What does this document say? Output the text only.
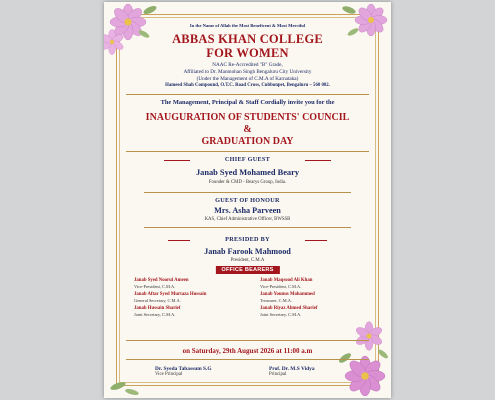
In the Name of Allah the Most Beneficent & Most Merciful
ABBAS KHAN COLLEGE
FOR WOMEN
NAAC Re-Accredited "B" Grade,
Affiliated to Dr. Manmohan Singh Bengaluru City University
(Under the Management of C.M.A of Karnataka)
Hameed Shah Compound, O.T.C. Road Cross, Cubbonpet, Bengaluru – 560 002.
The Management, Principal & Staff Cordially invite you for the
INAUGURATION OF STUDENTS' COUNCIL
&
GRADUATION DAY
CHIEF GUEST
Janab Syed Mohamed Beary
Founder & CMD - Bearys Group, India.
GUEST OF HONOUR
Mrs. Asha Parveen
KAS, Chief Administrative Officer, BWSSB
PRESIDED BY
Janab Farook Mahmood
President, C.M.A
OFFICE BEARERS
Janab Syed Noorul Ameen
Vice-President, C.M.A.
Janab Aftar Syed Murtaza Hussain
General Secretary, C.M.A.
Janab Hussain Sharief
Joint Secretary, C.M.A.
Janab Maqsood Ali Khan
Vice-President, C.M.A.
Janab Younus Mohammed
Treasurer, C.M.A.
Janab Riyaz Ahmed Sharief
Joint Secretary, C.M.A.
on Saturday, 29th August 2026 at 11:00 a.m
Dr. Syeda Tabassum S.G
Vice Principal
Prof. Dr. M.S Vidya
Principal
